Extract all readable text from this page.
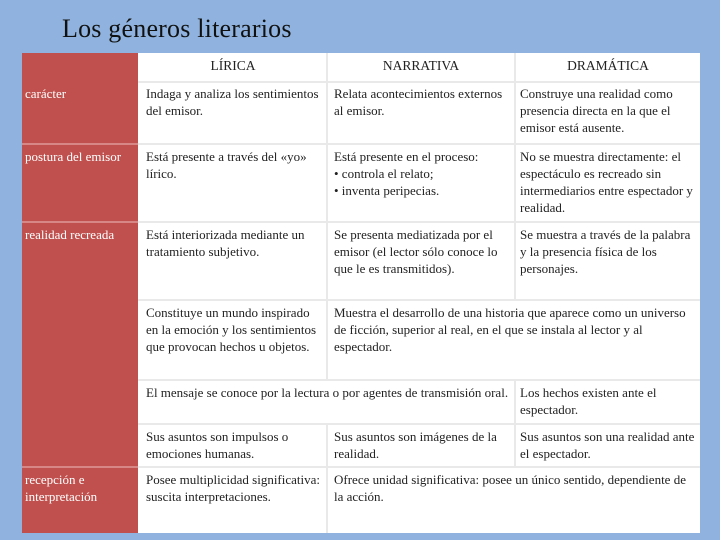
Los géneros literarios
LÍRICA	NARRATIVA	DRAMÁTICA
carácter
postura del emisor
realidad recreada
recepción e interpretación
Indaga y analiza los sentimientos del emisor.
Relata acontecimientos externos al emisor.
Construye una realidad como presencia directa en la que el emisor está ausente.
Está presente a través del «yo» lírico.
Está presente en el proceso:
• controla el relato;
• inventa peripecias.
No se muestra directamente: el espectáculo es recreado sin intermediarios entre espectador y realidad.
Está interiorizada mediante un tratamiento subjetivo.
Se presenta mediatizada por el emisor (el lector sólo conoce lo que le es transmitidos).
Se muestra a través de la palabra y la presencia física de los personajes.
Constituye un mundo inspirado en la emoción y los sentimientos que provocan hechos u objetos.
Muestra el desarrollo de una historia que aparece como un universo de ficción, superior al real, en el que se instala al lector y al espectador.
El mensaje se conoce por la lectura o por agentes de transmisión oral. Los hechos existen ante el espectador.
Sus asuntos son impulsos o emociones humanas.
Sus asuntos son imágenes de la realidad.
Sus asuntos son una realidad ante el espectador.
Posee multiplicidad significativa: suscita interpretaciones.
Ofrece unidad significativa: posee un único sentido, dependiente de la acción.
